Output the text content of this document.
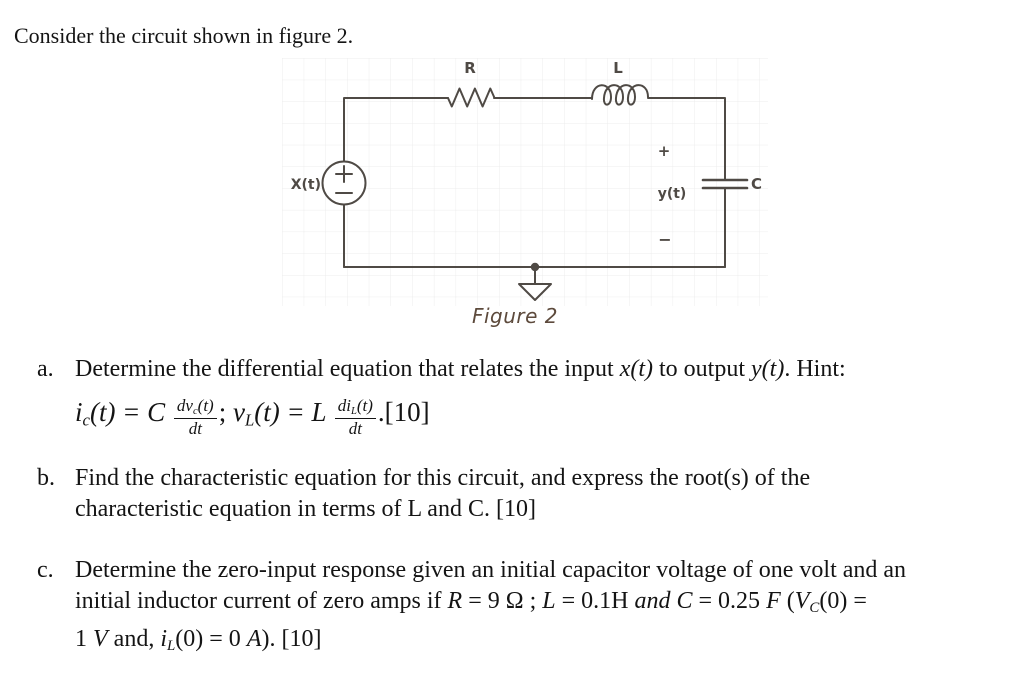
Consider the circuit shown in figure 2.
R	L
C
X(t)
+
y(t)
−
Figure 2
a. Determine the differential equation that relates the input x(t) to output y(t). Hint:
ic(t) = C $\frac{\text{dvc(t)}}{dt}$ ; vL(t) = L $\frac{\text{diL(t)}}{dt} .[10]$
b. Find the characteristic equation for this circuit, and express the root(s) of the
characteristic equation in terms of L and C. [10]
c. Determine the zero-input response given an initial capacitor voltage of one volt and an
initial inductor current of zero amps if R = 9 Ω ; L = 0.1H and C = 0.25 F (VC(0) =
1 V and, iL(0) = 0 A). [10]
